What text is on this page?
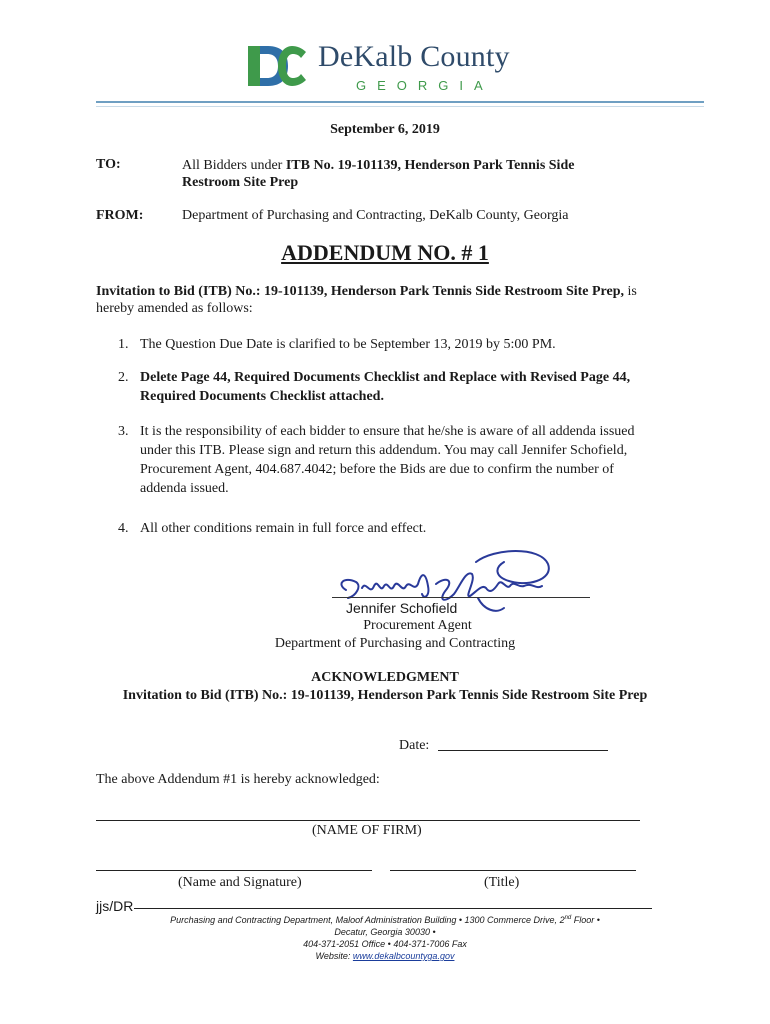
DeKalb County
GEORGIA
September 6, 2019
TO:	All Bidders under ITB No. 19-101139, Henderson Park Tennis Side Restroom Site Prep
FROM:	Department of Purchasing and Contracting, DeKalb County, Georgia
ADDENDUM NO. # 1
Invitation to Bid (ITB) No.: 19-101139, Henderson Park Tennis Side Restroom Site Prep, is hereby amended as follows:
1. The Question Due Date is clarified to be September 13, 2019 by 5:00 PM.
2. Delete Page 44, Required Documents Checklist and Replace with Revised Page 44, Required Documents Checklist attached.
3. It is the responsibility of each bidder to ensure that he/she is aware of all addenda issued under this ITB. Please sign and return this addendum. You may call Jennifer Schofield, Procurement Agent, 404.687.4042; before the Bids are due to confirm the number of addenda issued.
4. All other conditions remain in full force and effect.
Jennifer Schofield
Procurement Agent
Department of Purchasing and Contracting
ACKNOWLEDGMENT
Invitation to Bid (ITB) No.: 19-101139, Henderson Park Tennis Side Restroom Site Prep
Date:
The above Addendum #1 is hereby acknowledged:
(NAME OF FIRM)
(Name and Signature)	(Title)
jjs/DR
Purchasing and Contracting Department, Maloof Administration Building • 1300 Commerce Drive, 2nd Floor •
Decatur, Georgia 30030 •
404-371-2051 Office • 404-371-7006 Fax
Website: www.dekalbcountyga.gov
